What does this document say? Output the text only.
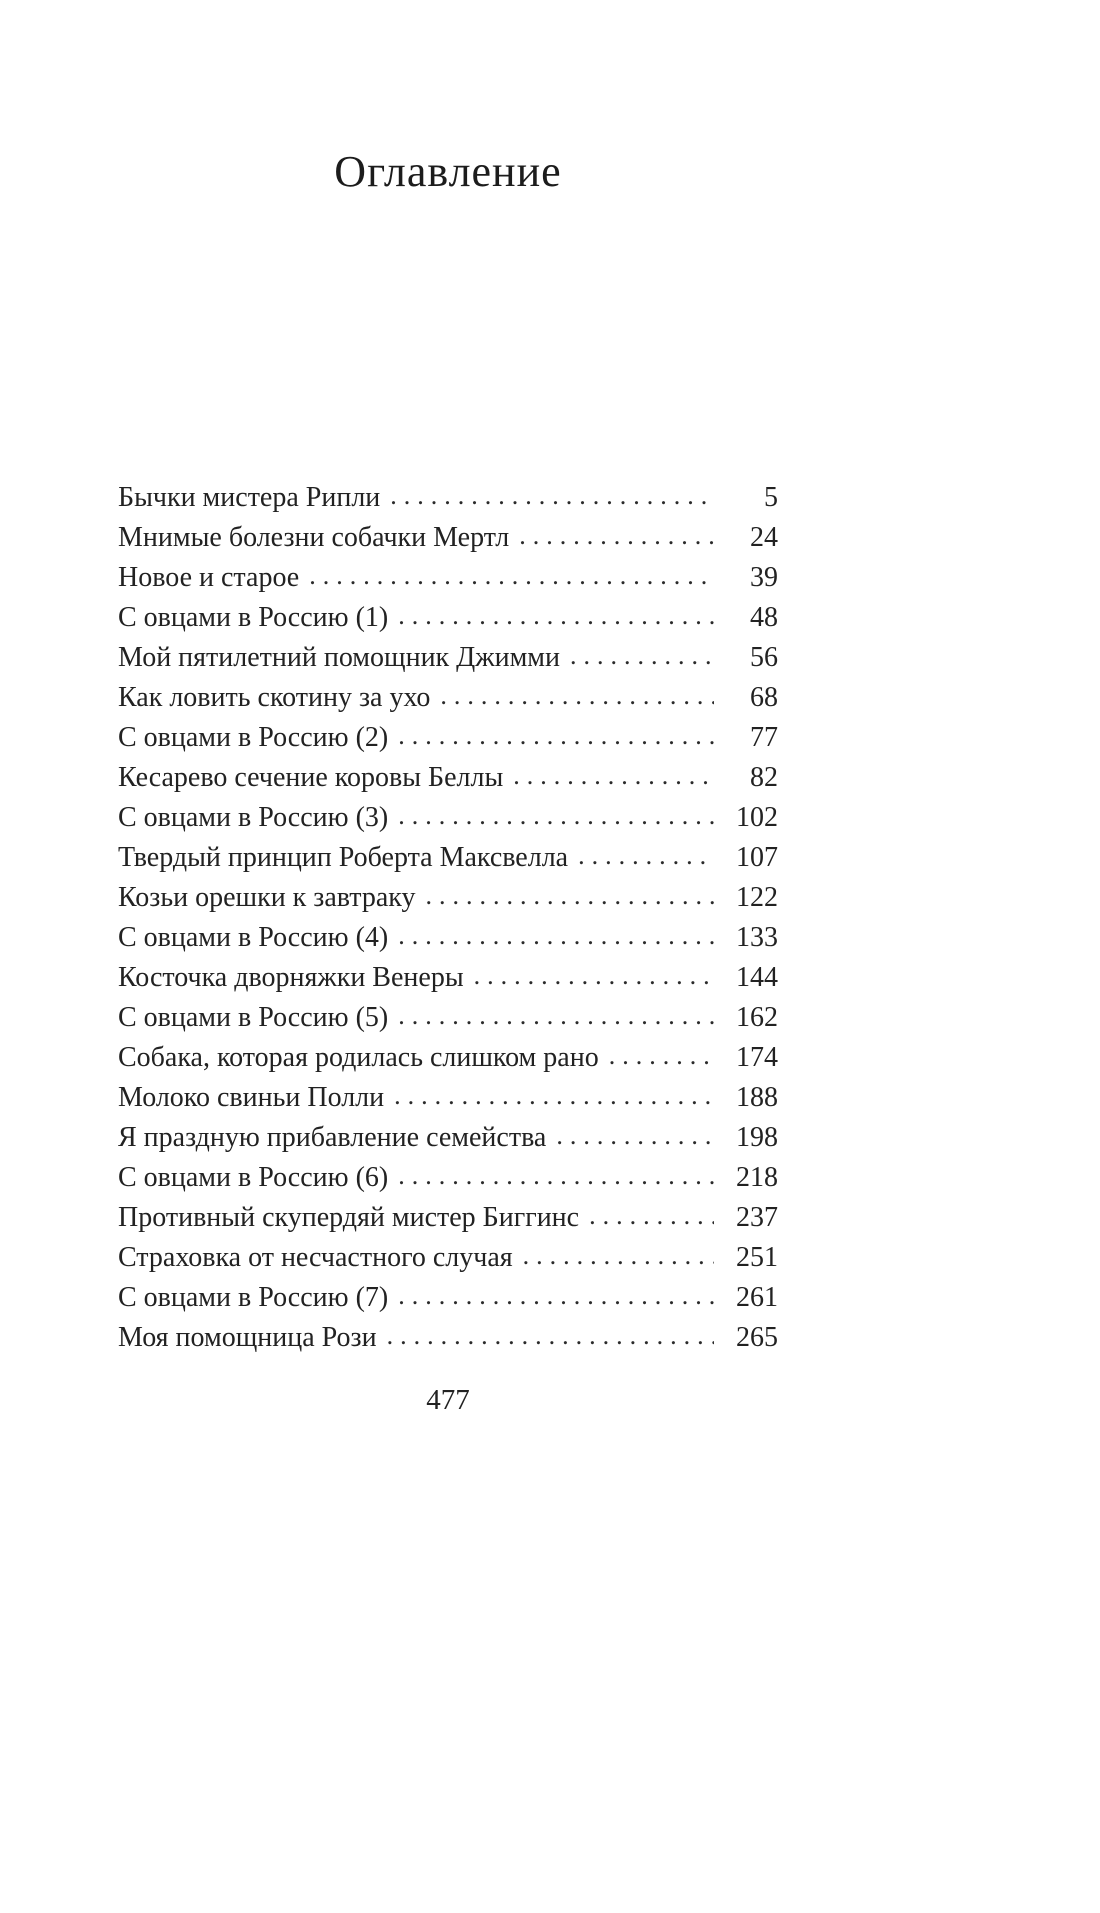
Оглавление
Бычки мистера Рипли .....	5
Мнимые болезни собачки Мертл .....	24
Новое и старое .....	39
С овцами в Россию (1) .....	48
Мой пятилетний помощник Джимми .....	56
Как ловить скотину за ухо .....	68
С овцами в Россию (2) .....	77
Кесарево сечение коровы Беллы .....	82
С овцами в Россию (3) .....	102
Твердый принцип Роберта Максвелла .....	107
Козьи орешки к завтраку .....	122
С овцами в Россию (4) .....	133
Косточка дворняжки Венеры .....	144
С овцами в Россию (5) .....	162
Собака, которая родилась слишком рано .....	174
Молоко свиньи Полли .....	188
Я праздную прибавление семейства .....	198
С овцами в Россию (6) .....	218
Противный скупердяй мистер Биггинс .....	237
Страховка от несчастного случая .....	251
С овцами в Россию (7) .....	261
Моя помощница Рози .....	265
477
